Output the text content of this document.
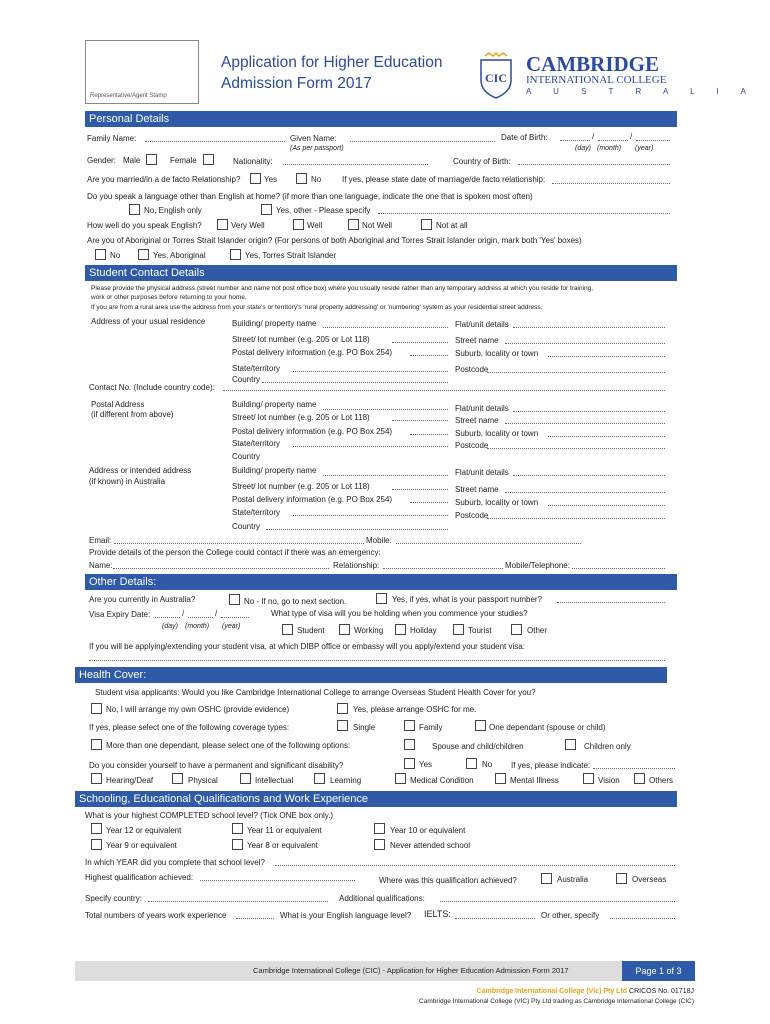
Representative/Agent Stamp
Application for Higher Education
Admission Form 2017	CIC
CAMBRIDGE
INTERNATIONAL COLLEGE
A U S T R A L I A
Personal Details
Family Name:	Given Name:
(As per passport)
Date of Birth:	/	/
(day) (month) (year)
Gender: Male	Female	Nationality:	Country of Birth:
Are you married/in a de facto Relationship?	Yes	No	If yes, please state date of marriage/de facto relationship:
Do you speak a language other than English at home? (if more than one language, indicate the one that is spoken most often)
No, English only	Yes, other - Please specify
How well do you speak English?	Very Well	Well	Not Well	Not at all
Are you of Aboriginal or Torres Strait Islander origin? (For persons of both Aboriginal and Torres Strait Islander origin, mark both 'Yes' boxes)
No	Yes, Aboriginal	Yes, Torres Strait Islander
Student Contact Details
Please provide the physical address (street number and name not post office box) where you usually reside rather than any temporary address at which you reside for training,
work or other purposes before returning to your home.
If you are from a rural area use the address from your state's or territory's 'rural property addressing' or 'numbering' system as your residential street address.
Address of your usual residence	Building/ property name	Flat/unit details
Street/ lot number (e.g. 205 or Lot 118)	Street name
Postal delivery information (e.g. PO Box 254)	Suburb, locality or town
State/territory	Postcode
Country
Contact No. (Include country code):
Postal Address
(if different from above)
Building/ property name	Flat/unit details
Street/ lot number (e.g. 205 or Lot 118)	Street name
Postal delivery information (e.g. PO Box 254)	Suburb, locality or town
State/territory	Postcode
Country
Address or intended address
(if known) in Australia
Building/ property name	Flat/unit details
Street/ lot number (e.g. 205 or Lot 118)	Street name
Postal delivery information (e.g. PO Box 254)	Suburb, locality or town
State/territory	Postcode
Country
Email:	Mobile:
Provide details of the person the College could contact if there was an emergency:
Name:	Relationship:	Mobile/Telephone:
Other Details:
Are you currently in Australia?	No - If no, go to next section.	Yes, if yes, what is your passport number?
Visa Expiry Date:	/	/	What type of visa will you be holding when you commence your studies?
(day) (month) (year)	Student	Working	Holiday	Tourist	Other
If you will be applying/extending your student visa, at which DIBP office or embassy will you apply/extend your student visa:
Health Cover:
Student visa applicants: Would you like Cambridge International College to arrange Overseas Student Health Cover for you?
No, I will arrange my own OSHC (provide evidence)	Yes, please arrange OSHC for me.
If yes, please select one of the following coverage types:	Single	Family	One dependant (spouse or child)
More than one dependant, please select one of the following options:	Spouse and child/children	Children only
Do you consider yourself to have a permanent and significant disability?	Yes	No If yes, please indicate:
Hearing/Deaf	Physical	Intellectual	Learning	Medical Condition	Mental Illness	Vision	Others
Schooling, Educational Qualifications and Work Experience
What is your highest COMPLETED school level? (Tick ONE box only.)
Year 12 or equivalent	Year 11 or equivalent	Year 10 or equivalent
Year 9 or equivalent	Year 8 or equivalent	Never attended school
In which YEAR did you complete that school level?
Highest qualification achieved:	Where was this qualification achieved?	Australia	Overseas
Specify country:	Additional qualifications:
Total numbers of years work experience	What is your English language level? IELTS:	Or other, specify
Cambridge International College (CIC) - Application for Higher Education Admission Form 2017	Page 1 of 3
Cambridge International College (Vic) Pty Ltd CRICOS No. 01718J
Cambridge International College (VIC) Pty Ltd trading as Cambridge International College (CIC)
